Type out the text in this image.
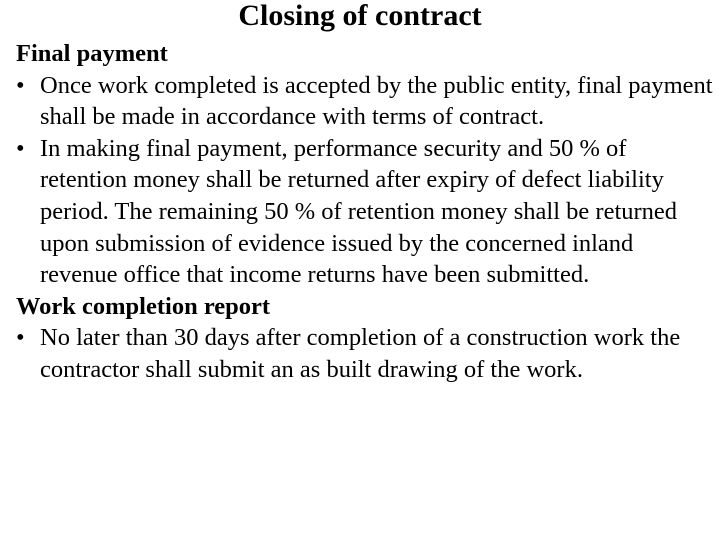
Closing of contract

Final payment

• Once work completed is accepted by the public entity, final payment shall be made in accordance with terms of contract.
• In making final payment, performance security and 50 % of retention money shall be returned after expiry of defect liability period. The remaining 50 % of retention money shall be returned upon submission of evidence issued by the concerned inland revenue office that income returns have been submitted.

Work completion report

• No later than 30 days after completion of a construction work the contractor shall submit an as built drawing of the work.
